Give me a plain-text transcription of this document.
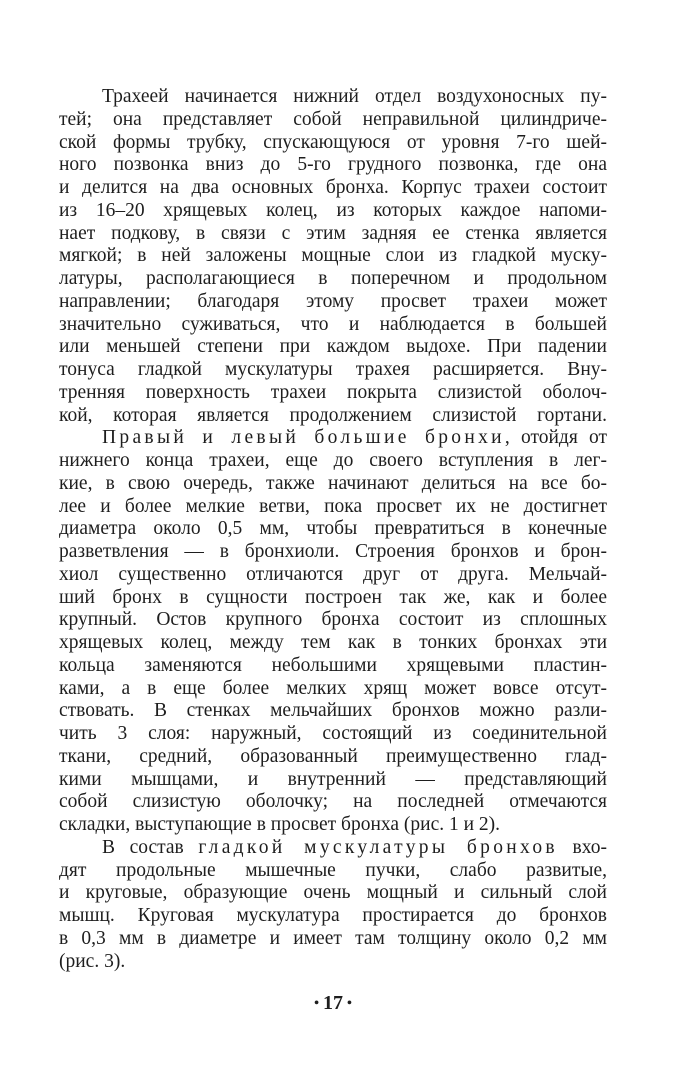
Трахеей начинается нижний отдел воздухоносных пу-
тей; она представляет собой неправильной цилиндриче-
ской формы трубку, спускающуюся от уровня 7-го шей-
ного позвонка вниз до 5-го грудного позвонка, где она
и делится на два основных бронха. Корпус трахеи состоит
из 16–20 хрящевых колец, из которых каждое напоми-
нает подкову, в связи с этим задняя ее стенка является
мягкой; в ней заложены мощные слои из гладкой муску-
латуры, располагающиеся в поперечном и продольном
направлении; благодаря этому просвет трахеи может
значительно суживаться, что и наблюдается в большей
или меньшей степени при каждом выдохе. При падении
тонуса гладкой мускулатуры трахея расширяется. Вну-
тренняя поверхность трахеи покрыта слизистой оболоч-
кой, которая является продолжением слизистой гортани.
Правый и левый большие бронхи, отойдя от
нижнего конца трахеи, еще до своего вступления в лег-
кие, в свою очередь, также начинают делиться на все бо-
лее и более мелкие ветви, пока просвет их не достигнет
диаметра около 0,5 мм, чтобы превратиться в конечные
разветвления — в бронхиоли. Строения бронхов и брон-
хиол существенно отличаются друг от друга. Мельчай-
ший бронх в сущности построен так же, как и более
крупный. Остов крупного бронха состоит из сплошных
хрящевых колец, между тем как в тонких бронхах эти
кольца заменяются небольшими хрящевыми пластин-
ками, а в еще более мелких хрящ может вовсе отсут-
ствовать. В стенках мельчайших бронхов можно разли-
чить 3 слоя: наружный, состоящий из соединительной
ткани, средний, образованный преимущественно глад-
кими мышцами, и внутренний — представляющий
собой слизистую оболочку; на последней отмечаются
складки, выступающие в просвет бронха (рис. 1 и 2).
В состав гладкой мускулатуры бронхов вхо-
дят продольные мышечные пучки, слабо развитые,
и круговые, образующие очень мощный и сильный слой
мышц. Круговая мускулатура простирается до бронхов
в 0,3 мм в диаметре и имеет там толщину около 0,2 мм
(рис. 3).
• 17 •
